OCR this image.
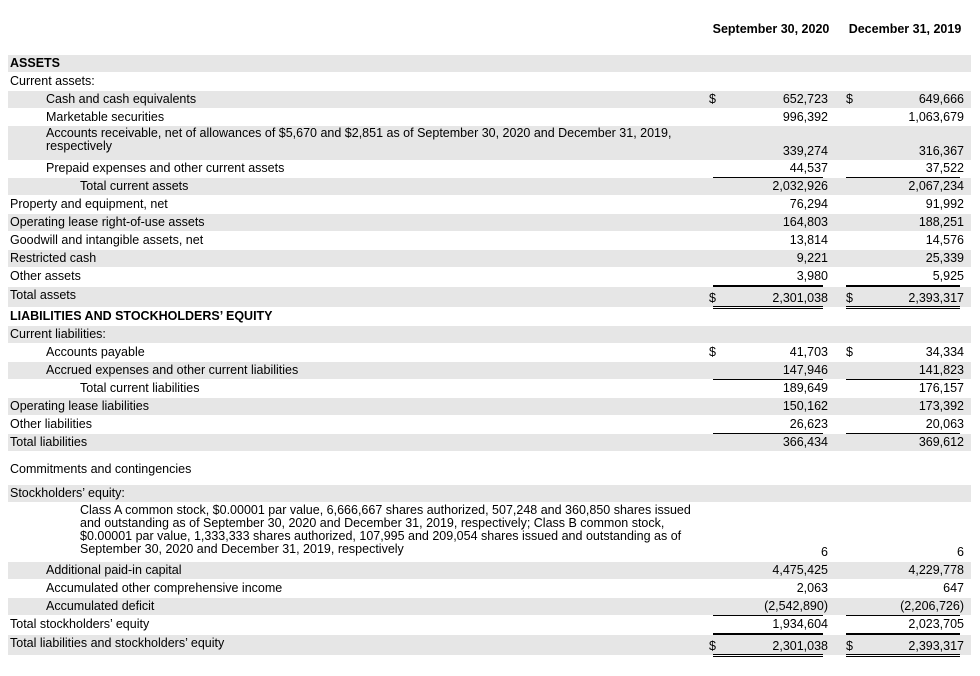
September 30, 2020 December 31, 2019
ASSETS
Current assets:
Cash and cash equivalents	$	652,723 $	649,666
Marketable securities	996,392	1,063,679
Accounts receivable, net of allowances of $5,670 and $2,851 as of September 30, 2020 and December 31, 2019, respectively	339,274	316,367
Prepaid expenses and other current assets	44,537	37,522
Total current assets	2,032,926	2,067,234
Property and equipment, net	76,294	91,992
Operating lease right-of-use assets	164,803	188,251
Goodwill and intangible assets, net	13,814	14,576
Restricted cash	9,221	25,339
Other assets	3,980	5,925
Total assets	$	2,301,038 $	2,393,317
LIABILITIES AND STOCKHOLDERS’ EQUITY
Current liabilities:
Accounts payable	$	41,703 $	34,334
Accrued expenses and other current liabilities	147,946	141,823
Total current liabilities	189,649	176,157
Operating lease liabilities	150,162	173,392
Other liabilities	26,623	20,063
Total liabilities	366,434	369,612
Commitments and contingencies
Stockholders’ equity:
Class A common stock, $0.00001 par value, 6,666,667 shares authorized, 507,248 and 360,850 shares issued and outstanding as of September 30, 2020 and December 31, 2019, respectively; Class B common stock, $0.00001 par value, 1,333,333 shares authorized, 107,995 and 209,054 shares issued and outstanding as of September 30, 2020 and December 31, 2019, respectively	6	6
Additional paid-in capital	4,475,425	4,229,778
Accumulated other comprehensive income	2,063	647
Accumulated deficit	(2,542,890)	(2,206,726)
Total stockholders’ equity	1,934,604	2,023,705
Total liabilities and stockholders’ equity	$	2,301,038 $	2,393,317
